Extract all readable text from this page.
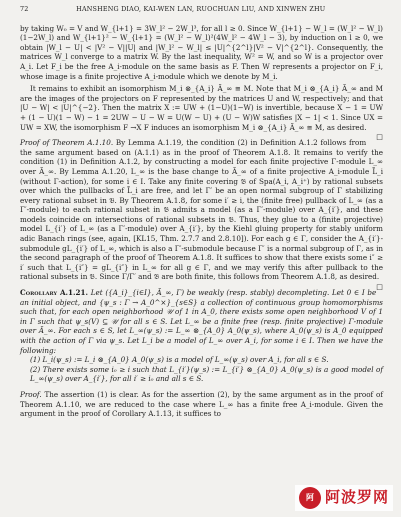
72	HANSHENG DIAO, KAI-WEN LAN, RUOCHUAN LIU, AND XINWEN ZHU

by taking W₀ = V and W_{l+1} = 3W_l² − 2W_l³, for all l ≥ 0. Since W_{l+1} − W_l = (W_l² − W_l)(1−2W_l) and W_{l+1}² − W_{l+1} = (W_l² − W_l)²(4W_l² − 4W_l − 3), by induction on l ≥ 0, we obtain |W_l − U| < |V² − V||U| and |W_l² − W_l| ≤ |U|^{2^l}|V² − V|^{2^l}. Consequently, the matrices W_l converge to a matrix W. By the last inequality, W² = W, and so W is a projector over A_i. Let F_i be the free A_i-module on the same basis as F. Then W represents a projector on F_i, whose image is a finite projective A_i-module which we denote by M_i.

It remains to exhibit an isomorphism M_i ⊗_{A_i} Ã_∞ ≅ M. Note that M_i ⊗_{A_i} Ã_∞ and M are the images of the projectors on F represented by the matrices U and W, respectively; and that |U − W| < |U|^{−2}. Then the matrix X := UW + (1−U)(1−W) is invertible, because X − 1 = UW + (1 − U)(1 − W) − 1 = 2UW − U − W = U(W − U) + (U − W)W satisfies |X − 1| < 1. Since UX = UW = XW, the isomorphism F →X F induces an isomorphism M_i ⊗_{A_i} Ã_∞ ≅ M, as desired.
□

Proof of Theorem A.1.10. By Lemma A.1.19, the condition (2) in Definition A.1.2 follows from the same argument based on (A.1.1) as in the proof of Theorem A.1.8. It remains to verify the condition (1) in Definition A.1.2, by constructing a model for each finite projective Γ-module L_∞ over Ã_∞. By Lemma A.1.20, L_∞ is the base change to Ã_∞ of a finite projective A_i-module L̃_i (without Γ-action), for some i ∈ I. Take any finite covering 𝔅 of Spa(A_i, A_i⁺) by rational subsets over which the pullbacks of L̃_i are free, and let Γ′ be an open normal subgroup of Γ stabilizing every rational subset in 𝔅. By Theorem A.1.8, for some i′ ≥ i, the (finite free) pullback of L_∞ (as a Γ′-module) to each rational subset in 𝔅 admits a model (as a Γ′-module) over A_{i′}, and these models coincide on intersections of rational subsets in 𝔅. Thus, they glue to a (finite projective) model L_{i′} of L_∞ (as a Γ′-module) over A_{i′}, by the Kiehl gluing property for stably uniform adic Banach rings (see, again, [KL15, Thm. 2.7.7 and 2.8.10]). For each g ∈ Γ, consider the A_{i′}-submodule gL_{i′} of L_∞, which is also a Γ′-submodule because Γ′ is a normal subgroup of Γ, as in the second paragraph of the proof of Theorem A.1.8. It suffices to show that there exists some i″ ≥ i′ such that L_{i″} = gL_{i″} in L_∞ for all g ∈ Γ, and we may verify this after pullback to the rational subsets in 𝔅. Since Γ/Γ′ and 𝔅 are both finite, this follows from Theorem A.1.8, as desired.
□

Corollary A.1.21. Let ({A_i}_{i∈I}, Ã_∞, Γ) be weakly (resp. stably) decompleting. Let 0 ∈ I be an initial object, and {ψ_s : Γ → A_0^×}_{s∈S} a collection of continuous group homomorphisms such that, for each open neighborhood 𝒰 of 1 in A_0, there exists some open neighborhood V of 1 in Γ such that ψ_s(V) ⊆ 𝒰 for all s ∈ S. Let L_∞ be a finite free (resp. finite projective) Γ-module over Ã_∞. For each s ∈ S, let L_∞(ψ_s) := L_∞ ⊗_{A_0} A_0(ψ_s), where A_0(ψ_s) is A_0 equipped with the action of Γ via ψ_s. Let L_i be a model of L_∞ over A_i, for some i ∈ I. Then we have the following:

(1) L_i(ψ_s) := L_i ⊗_{A_0} A_0(ψ_s) is a model of L_∞(ψ_s) over A_i, for all s ∈ S.

(2) There exists some i₀ ≥ i such that L_{i′}(ψ_s) := L_{i′} ⊗_{A_0} A_0(ψ_s) is a good model of L_∞(ψ_s) over A_{i′}, for all i′ ≥ i₀ and all s ∈ S.

Proof. The assertion (1) is clear. As for the assertion (2), by the same argument as in the proof of Theorem A.1.10, we are reduced to the case where L_∞ has a finite free A_i-module. Given the argument in the proof of Corollary A.1.13, it suffices to

阿 阿波罗网
